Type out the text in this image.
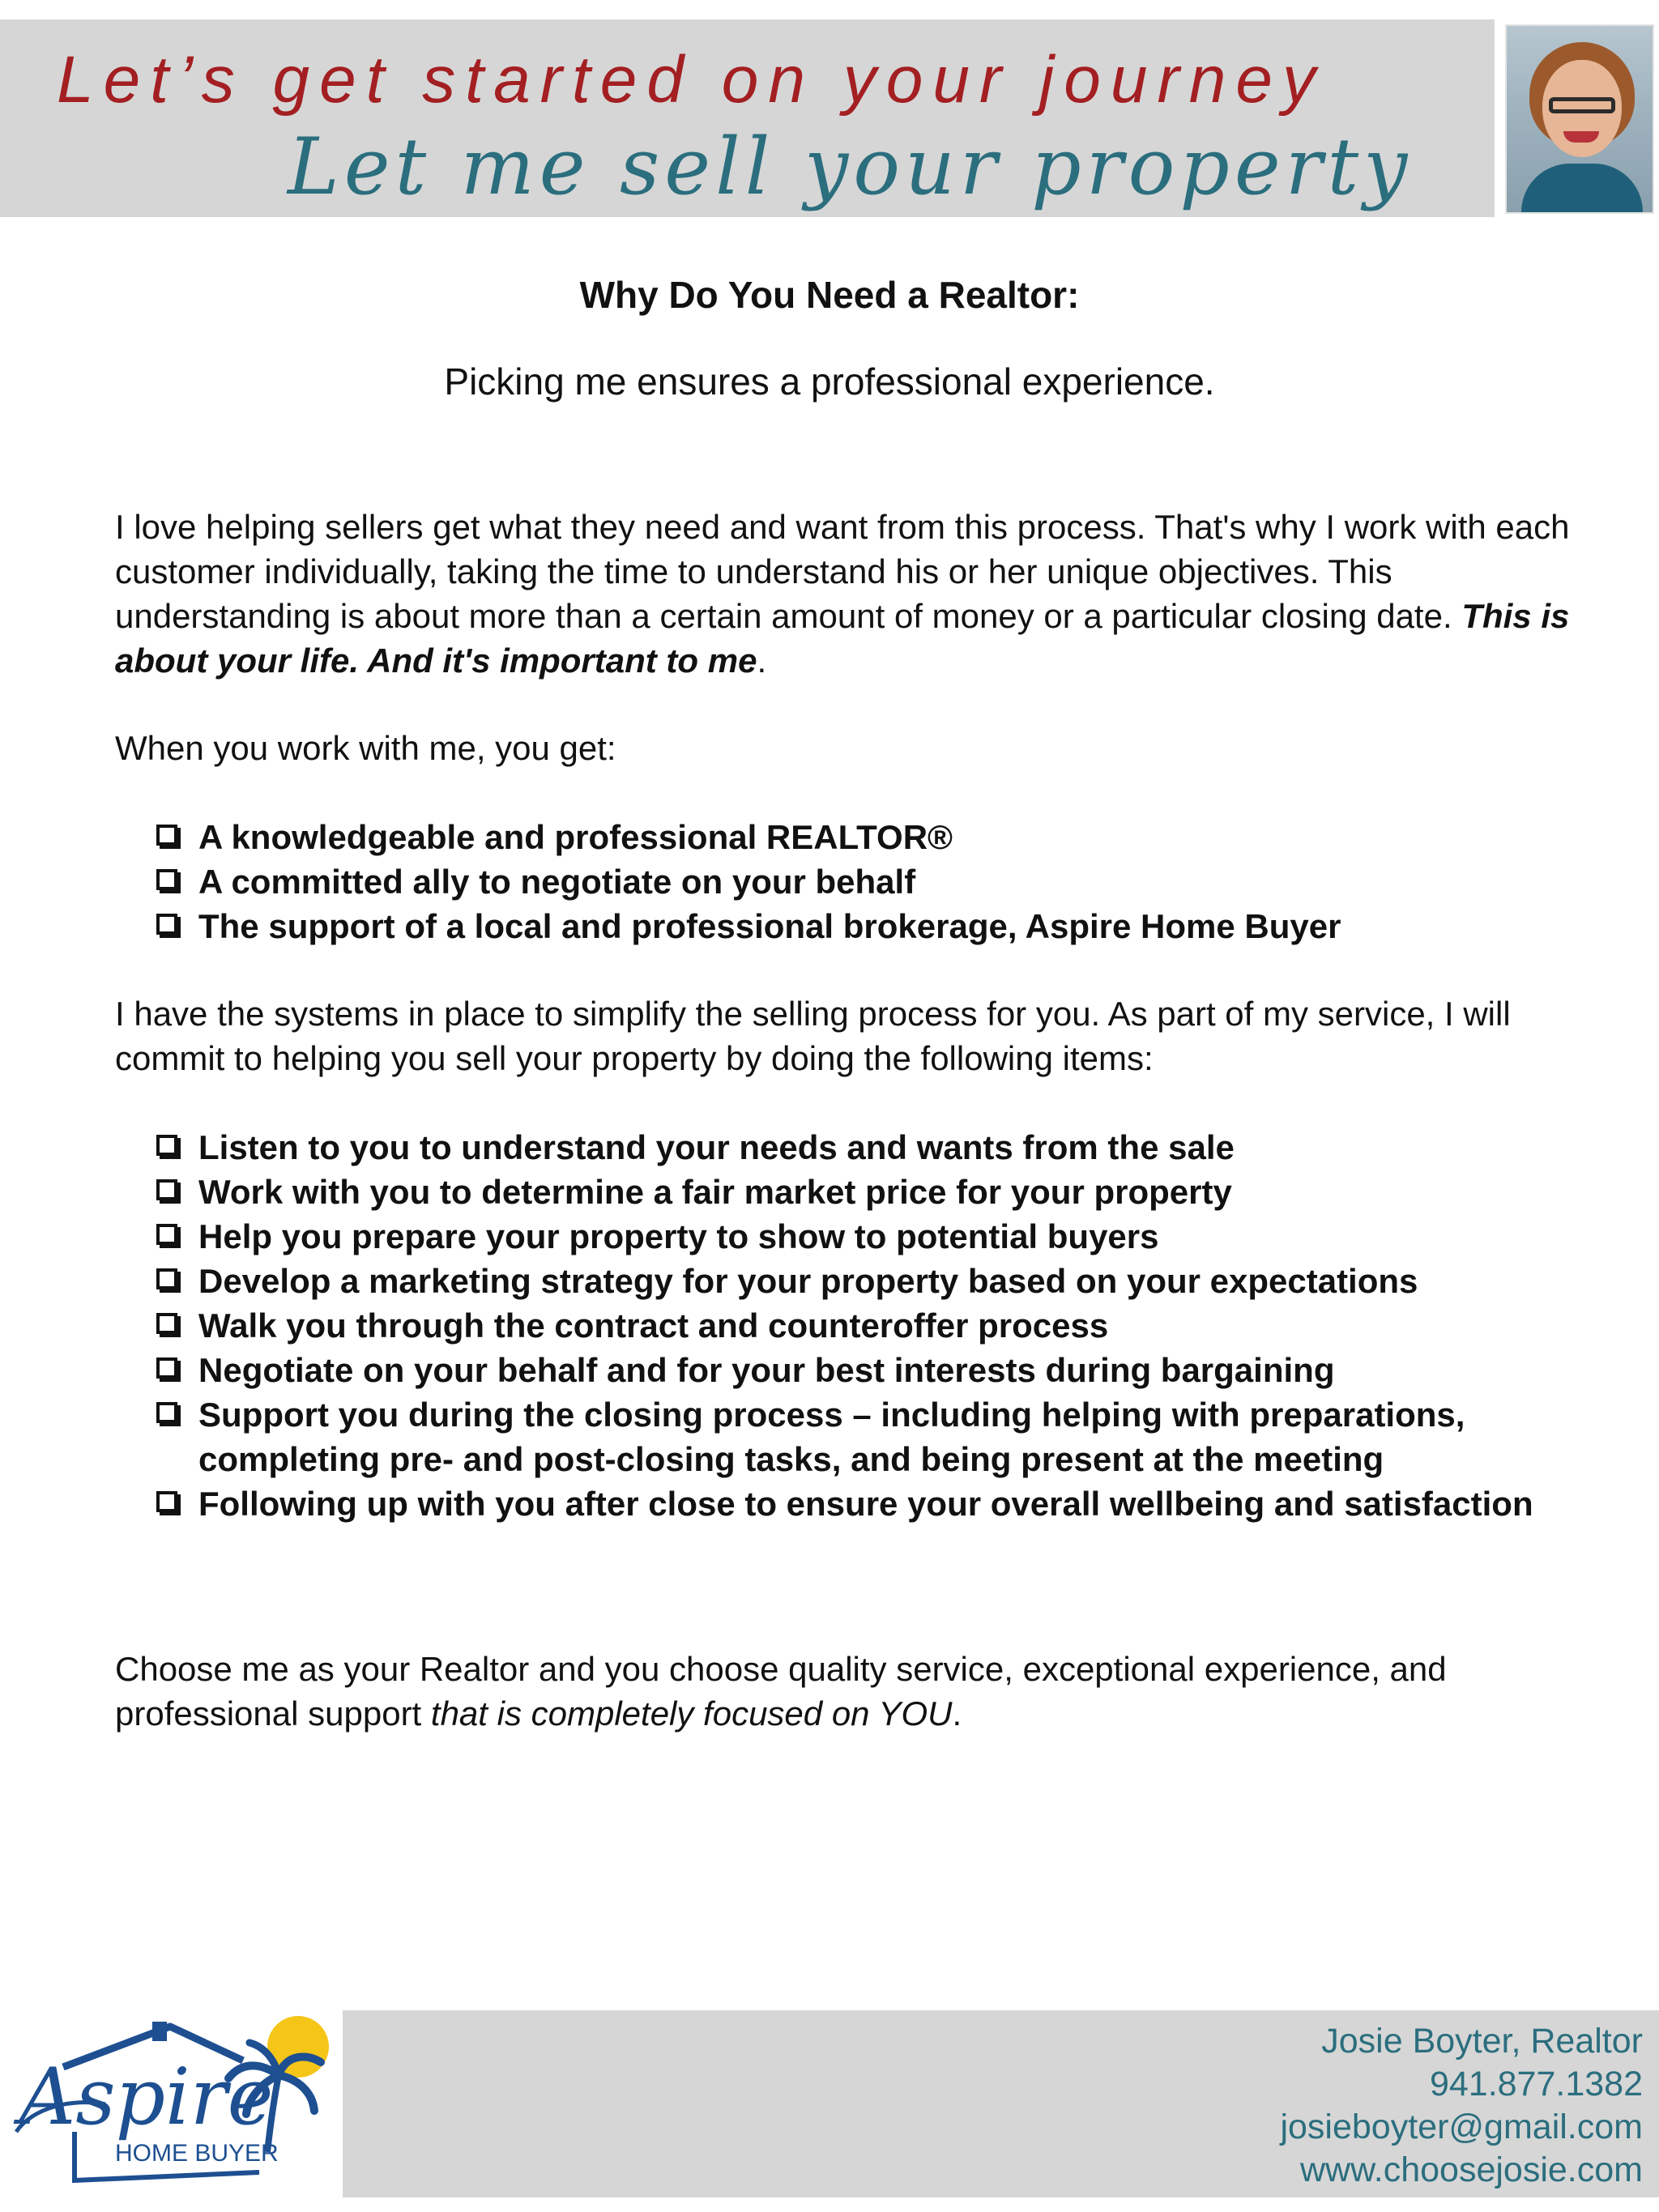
Let’s get started on your journey
Let me sell your property
Why Do You Need a Realtor:
Picking me ensures a professional experience.
I love helping sellers get what they need and want from this process. That's why I work with each customer individually, taking the time to understand his or her unique objectives. This understanding is about more than a certain amount of money or a particular closing date. This is about your life. And it's important to me.
When you work with me, you get:
A knowledgeable and professional REALTOR®
A committed ally to negotiate on your behalf
The support of a local and professional brokerage, Aspire Home Buyer
I have the systems in place to simplify the selling process for you. As part of my service, I will commit to helping you sell your property by doing the following items:
Listen to you to understand your needs and wants from the sale
Work with you to determine a fair market price for your property
Help you prepare your property to show to potential buyers
Develop a marketing strategy for your property based on your expectations
Walk you through the contract and counteroffer process
Negotiate on your behalf and for your best interests during bargaining
Support you during the closing process – including helping with preparations, completing pre- and post-closing tasks, and being present at the meeting
Following up with you after close to ensure your overall wellbeing and satisfaction
Choose me as your Realtor and you choose quality service, exceptional experience, and professional support that is completely focused on YOU.
Aspire
HOME BUYER
Josie Boyter, Realtor
941.877.1382
josieboyter@gmail.com
www.choosejosie.com
